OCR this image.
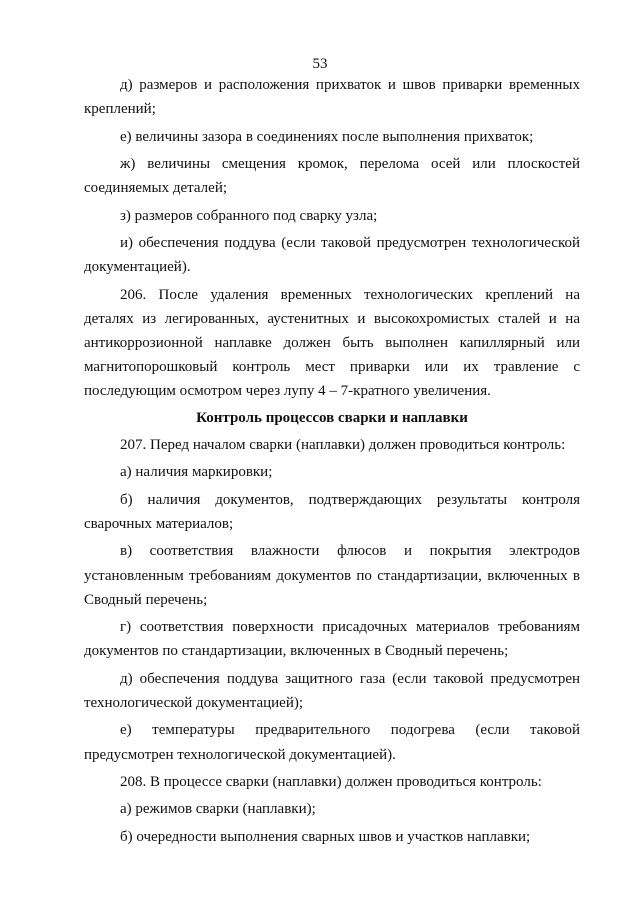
53

д) размеров и расположения прихваток и швов приварки временных креплений;

е) величины зазора в соединениях после выполнения прихваток;

ж) величины смещения кромок, перелома осей или плоскостей соединяемых деталей;

з) размеров собранного под сварку узла;

и) обеспечения поддува (если таковой предусмотрен технологической документацией).

206. После удаления временных технологических креплений на деталях из легированных, аустенитных и высокохромистых сталей и на антикоррозионной наплавке должен быть выполнен капиллярный или магнитопорошковый контроль мест приварки или их травление с последующим осмотром через лупу 4 – 7-кратного увеличения.

Контроль процессов сварки и наплавки

207. Перед началом сварки (наплавки) должен проводиться контроль:

а) наличия маркировки;

б) наличия документов, подтверждающих результаты контроля сварочных материалов;

в) соответствия влажности флюсов и покрытия электродов установленным требованиям документов по стандартизации, включенных в Сводный перечень;

г) соответствия поверхности присадочных материалов требованиям документов по стандартизации, включенных в Сводный перечень;

д) обеспечения поддува защитного газа (если таковой предусмотрен технологической документацией);

е) температуры предварительного подогрева (если таковой предусмотрен технологической документацией).

208. В процессе сварки (наплавки) должен проводиться контроль:

а) режимов сварки (наплавки);

б) очередности выполнения сварных швов и участков наплавки;
